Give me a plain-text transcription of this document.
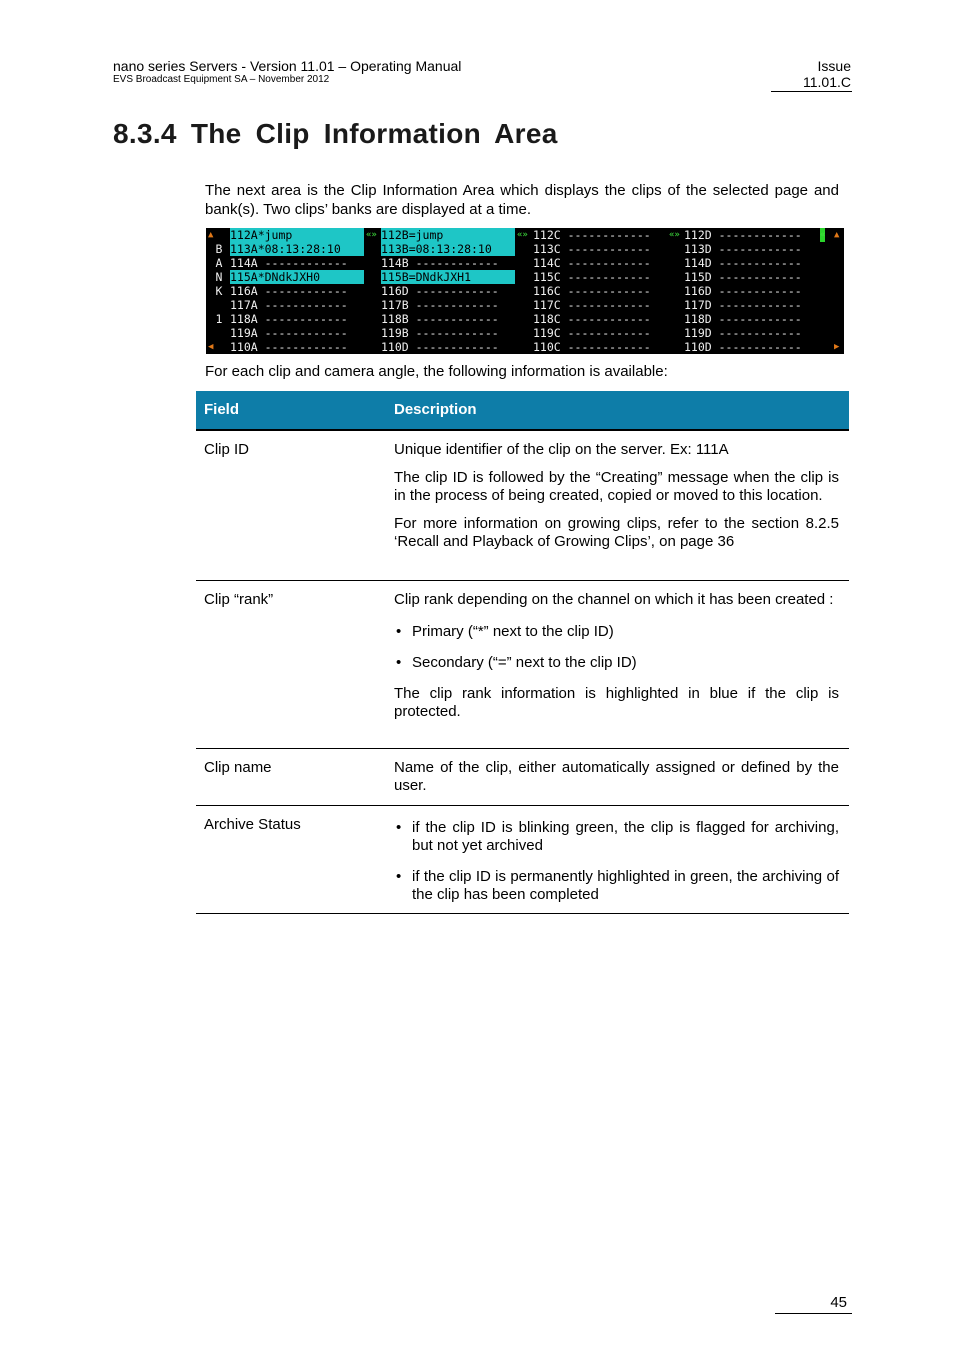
nano series Servers - Version 11.01 – Operating Manual
EVS Broadcast Equipment SA – November 2012
Issue
11.01.C
8.3.4 The Clip Information Area
The next area is the Clip Information Area which displays the clips of the selected page and bank(s). Two clips’ banks are displayed at a time.
112A*jump	112B=jump	112C ------------	112D ------------
«»	«»	«»	«
B 113A*08:13:28:10	113B=08:13:28:10	113C ------------	113D ------------
A 114A ------------	114B ------------	114C ------------	114D ------------
N 115A*DNdkJXH0	115B=DNdkJXH1	115C ------------	115D ------------
K 116A ------------	116D ------------	116C ------------	116D ------------
117A ------------	117B ------------	117C ------------	117D ------------
1 118A ------------	118B ------------	118C ------------	118D ------------
119A ------------	119B ------------	119C ------------	119D ------------
110A ------------	110D ------------	110C ------------	110D ------------
▲
◀
▲
▶
For each clip and camera angle, the following information is available:
Field	Description
Clip ID	Unique identifier of the clip on the server. Ex: 111A

The clip ID is followed by the “Creating” message when the clip is in the process of being created, copied or moved to this location.

For more information on growing clips, refer to the section 8.2.5 ‘Recall and Playback of Growing Clips’, on page 36

Clip “rank”	Clip rank depending on the channel on which it has been created :

• Primary (“*” next to the clip ID)
• Secondary (“=” next to the clip ID)

The clip rank information is highlighted in blue if the clip is protected.

Clip name	Name of the clip, either automatically assigned or defined by the user.

Archive Status
•	if the clip ID is blinking green, the clip is flagged for archiving, but not yet archived
• if the clip ID is permanently highlighted in green, the archiving of the clip has been completed
45
